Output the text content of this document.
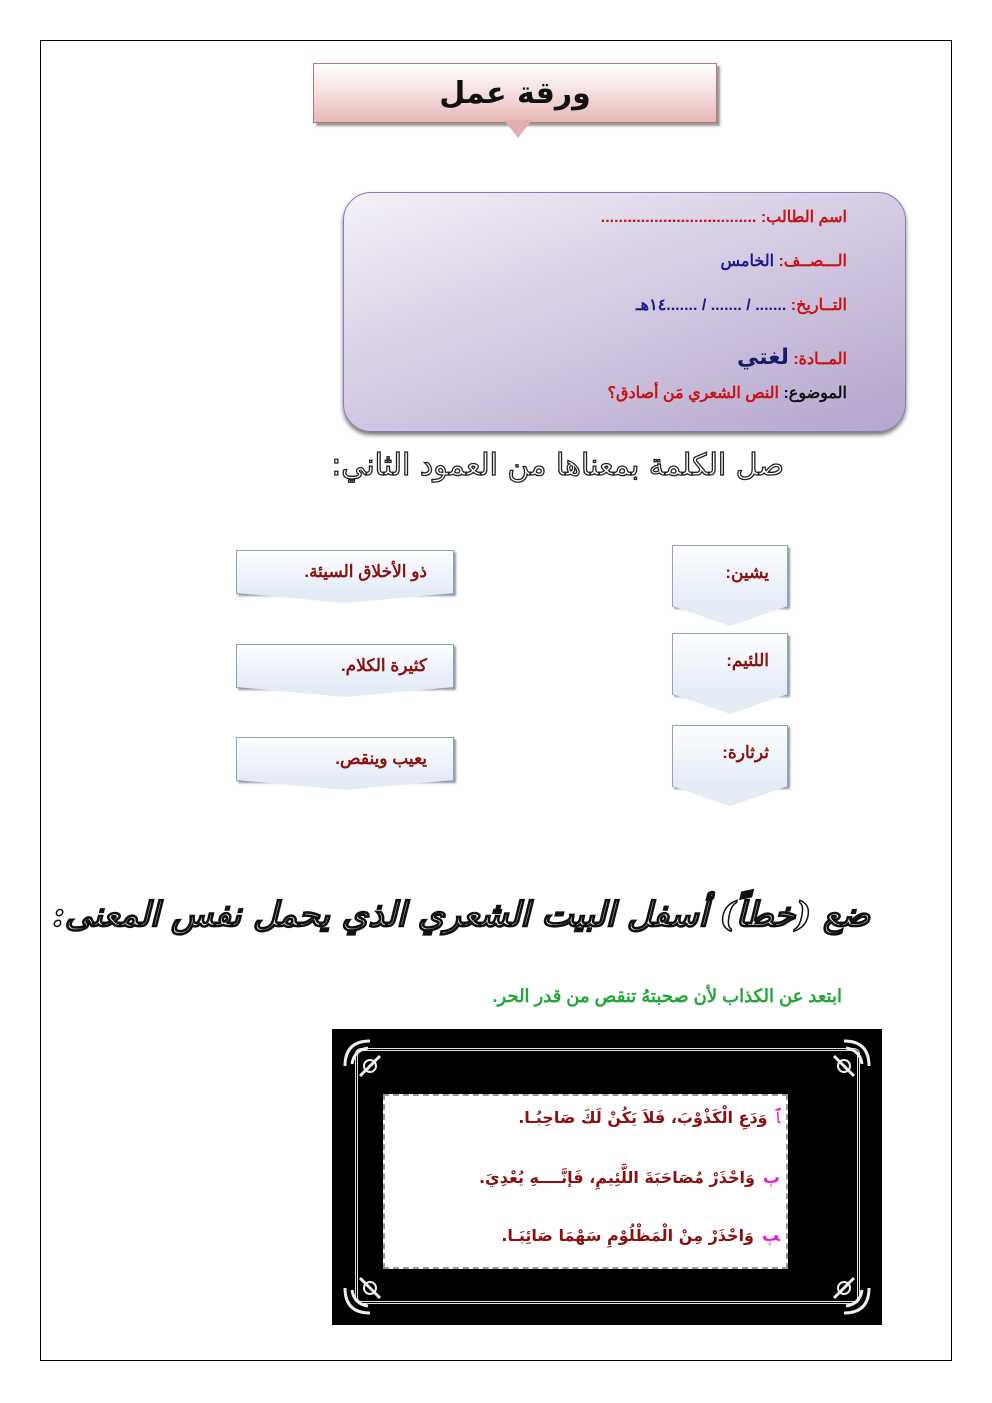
ورقة عمل
اسم الطالب: ...................................
الـــصــف: الخامس
التــاريخ: ....... / ....... / .......١٤هـ
المــادة: لغتي
الموضوع: النص الشعري مَن أصادق؟
صل الكلمة بمعناها من العمود الثاني:
يشين:
اللئيم:
ثرثارة:
ذو الأخلاق السيئة.
كثيرة الكلام.
يعيب وينقص.
ضع (خطاً) أسفل البيت الشعري الذي يحمل نفس المعنى:
ابتعد عن الكذاب لأن صحبتهُ تنقص من قدر الحر.
ﭑوَدَعِ الْكَذْوْبَ، فَلاَ يَكُنْ لَكَ صَاحِبُـا.
ﭒوَاحْذَرْ مُصَاحَبَةَ اللَّئِيمِ، فَإنَّــــهِ يُعْدِيَ.
ﭓوَاحْذَرْ مِنْ الْمَظْلُوْمِ سَهْمَا صَائِبَـا.
